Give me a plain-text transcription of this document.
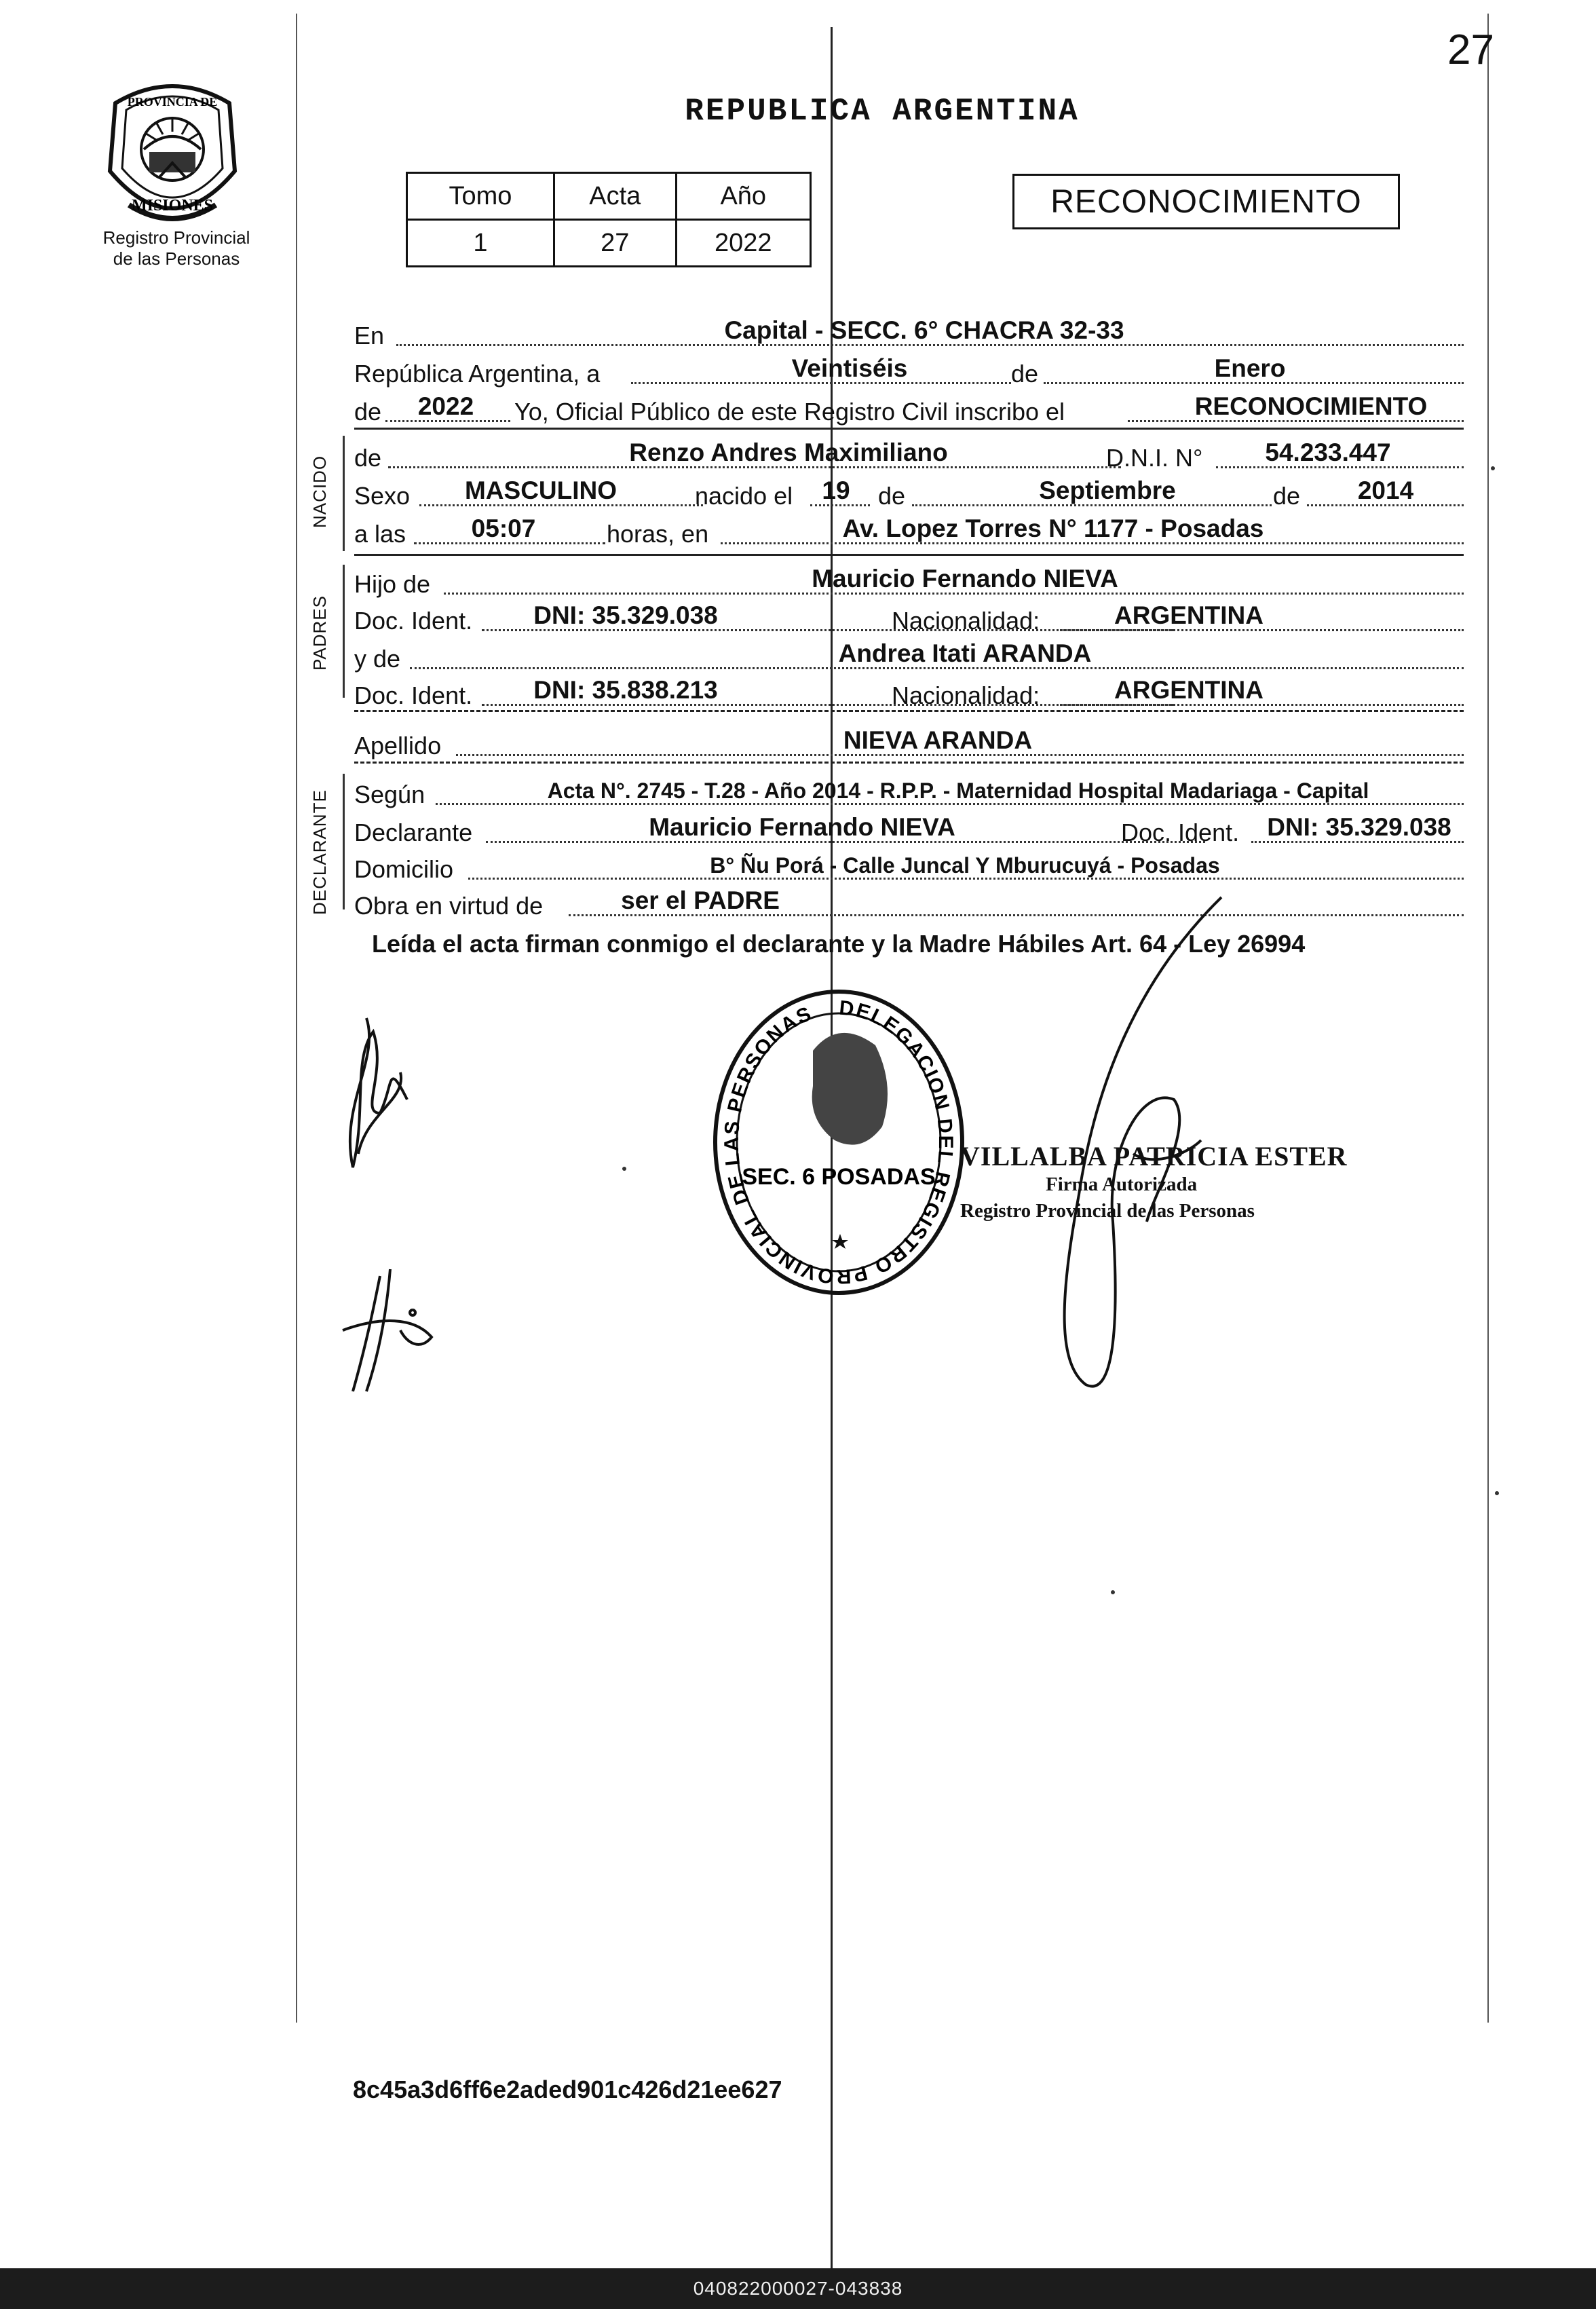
27
PROVINCIA DE
MISIONES
Registro Provincial
de las Personas
REPUBLICA ARGENTINA
Tomo	Acta	Año
1	27	2022
RECONOCIMIENTO
En	Capital - SECC. 6° CHACRA 32-33
República Argentina, a	Veintiséis	de	Enero
de	2022	Yo, Oficial Público de este Registro Civil inscribo el	RECONOCIMIENTO
NACIDO de	Renzo Andres Maximiliano	D.N.I. N°	54.233.447
Sexo	MASCULINO	nacido el 19 de	Septiembre	de	2014
a las	05:07	horas, en	Av. Lopez Torres N° 1177 - Posadas
PADRES
Hijo de	Mauricio Fernando NIEVA
Doc. Ident.	DNI: 35.329.038	Nacionalidad:	ARGENTINA
y de	Andrea Itati ARANDA
Doc. Ident.	DNI: 35.838.213	Nacionalidad:	ARGENTINA
Apellido	NIEVA ARANDA
DECLARANTE Según	Acta N°. 2745 - T.28 - Año 2014 - R.P.P. - Maternidad Hospital Madariaga - Capital
Declarante	Mauricio Fernando NIEVA	Doc. Ident.	DNI: 35.329.038
Domicilio	B° Ñu Porá - Calle Juncal Y Mburucuyá - Posadas
Obra en virtud de	ser el PADRE
Leída el acta firman conmigo el declarante y la Madre Hábiles Art. 64 - Ley 26994
DELEGACION DEL REGISTRO PROVINCIAL DE LAS PERSONAS
SEC. 6 POSADAS
VILLALBA PATRICIA ESTER
Firma Autorizada
Registro Provincial de las Personas
8c45a3d6ff6e2aded901c426d21ee627
040822000027-043838
